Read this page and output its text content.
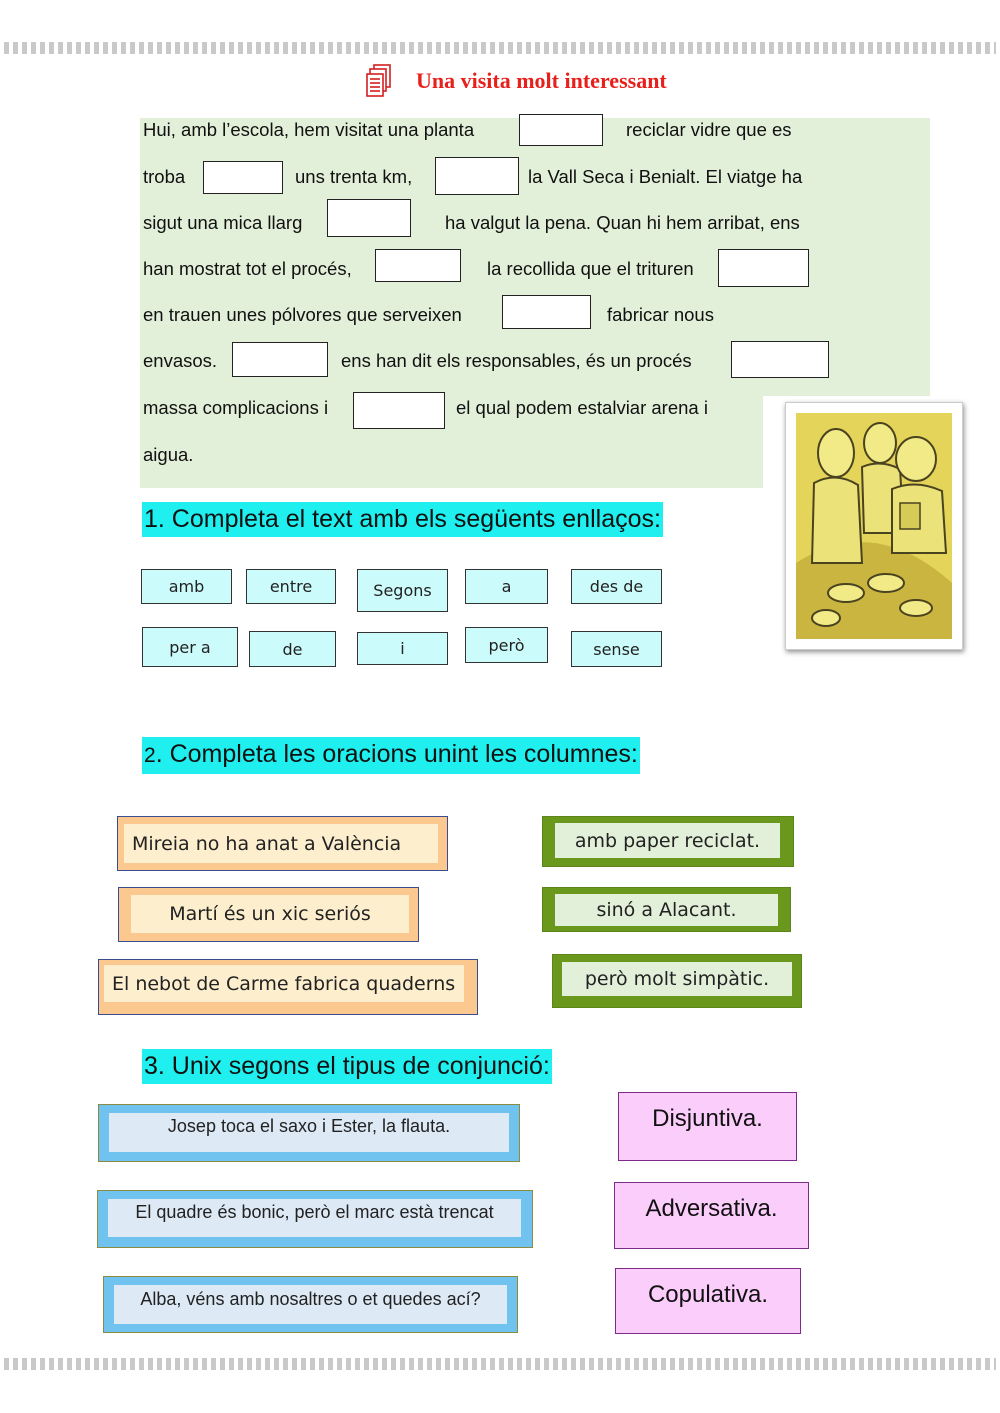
Una visita molt interessant
Hui, amb l’escola, hem visitat una planta	reciclar vidre que es
troba	uns trenta km,	la Vall Seca i Benialt. El viatge ha
sigut una mica llarg	ha valgut la pena. Quan hi hem arribat, ens
han mostrat tot el procés,	la recollida que el trituren
en trauen unes pólvores que serveixen	fabricar nous
envasos.	ens han dit els responsables, és un procés
massa complicacions i	el qual podem estalviar arena i
aigua.
1. Completa el text amb els següents enllaços:
amb	entre	Segons	a	des de
per a	de	i	però	sense
2. Completa les oracions unint les columnes:
Mireia no ha anat a València
Martí és un xic seriós
El nebot de Carme fabrica quaderns
amb paper reciclat.
sinó a Alacant.
però molt simpàtic.
3. Unix segons el tipus de conjunció:
Josep toca el saxo i Ester, la flauta.
El quadre és bonic, però el marc està trencat
Alba, véns amb nosaltres o et quedes ací?
Disjuntiva.
Adversativa.
Copulativa.
